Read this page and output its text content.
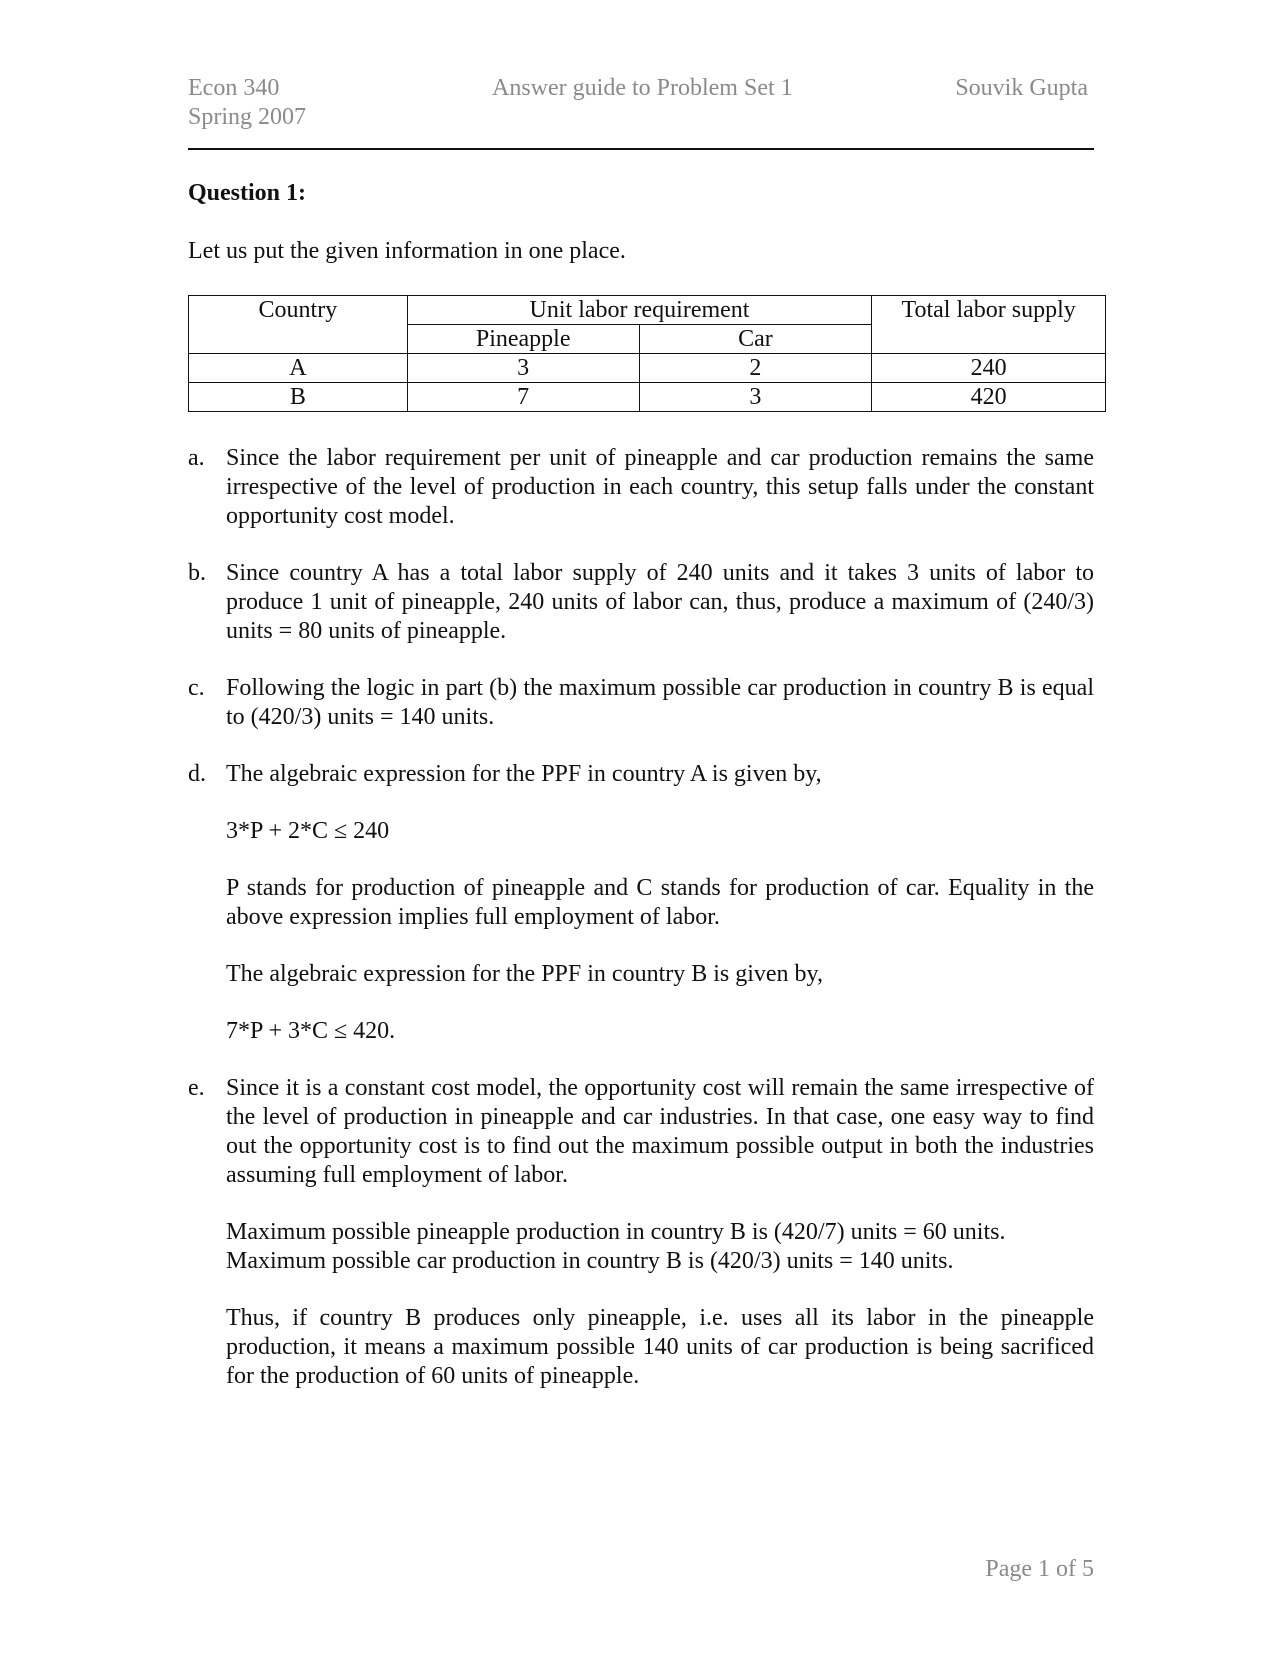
Econ 340
Spring 2007
Answer guide to Problem Set 1	Souvik Gupta
Question 1:
Let us put the given information in one place.
Country	Unit labor requirement		Total labor supply
	Pineapple	Car	
A	3	2	240
B	7	3	420
a. Since the labor requirement per unit of pineapple and car production remains the same irrespective of the level of production in each country, this setup falls under the constant opportunity cost model.

b. Since country A has a total labor supply of 240 units and it takes 3 units of labor to produce 1 unit of pineapple, 240 units of labor can, thus, produce a maximum of (240/3) units = 80 units of pineapple.

c. Following the logic in part (b) the maximum possible car production in country B is equal to (420/3) units = 140 units.

d. The algebraic expression for the PPF in country A is given by,

3*P + 2*C ≤ 240

P stands for production of pineapple and C stands for production of car. Equality in the above expression implies full employment of labor.

The algebraic expression for the PPF in country B is given by,

7*P + 3*C ≤ 420.

e. Since it is a constant cost model, the opportunity cost will remain the same irrespective of the level of production in pineapple and car industries. In that case, one easy way to find out the opportunity cost is to find out the maximum possible output in both the industries assuming full employment of labor.

Maximum possible pineapple production in country B is (420/7) units = 60 units.

Maximum possible car production in country B is (420/3) units = 140 units.

Thus, if country B produces only pineapple, i.e. uses all its labor in the pineapple production, it means a maximum possible 140 units of car production is being sacrificed for the production of 60 units of pineapple.

Page 1 of 5
